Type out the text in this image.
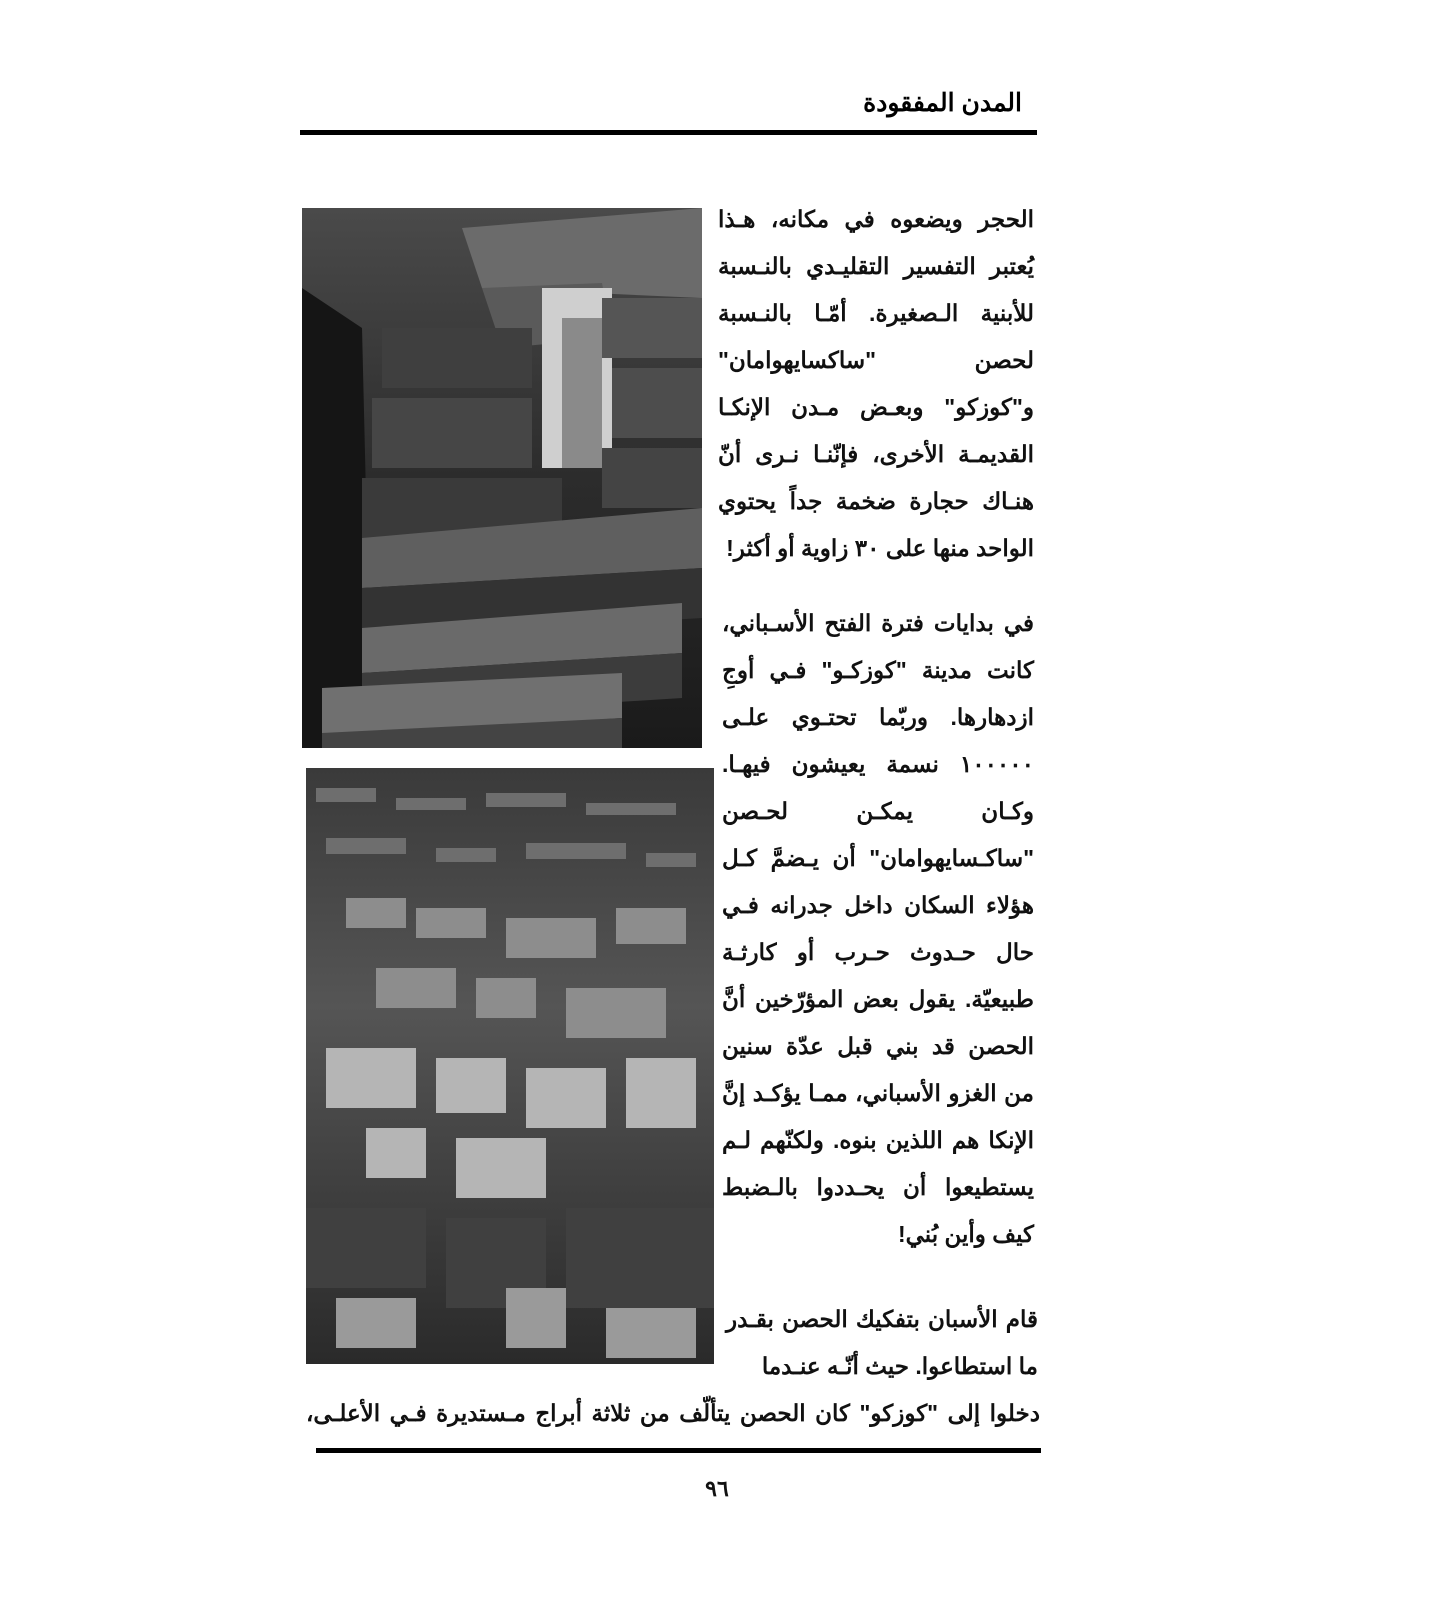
المدن المفقودة

الحجر ويضعوه في مكانه، هـذا يُعتبر التفسير التقليـدي بالنـسبة للأبنية الـصغيرة. أمّـا بالنـسبة لحصن "ساكسايهوامان" و"كوزكو" وبعـض مـدن الإنكـا القديمـة الأخرى، فإنّنـا نـرى أنّ هنـاك حجارة ضخمة جداً يحتوي الواحد منها على ٣٠ زاوية أو أكثر!

في بدايات فترة الفتح الأسـباني، كانت مدينة "كوزكـو" فـي أوجِ ازدهارها. وربّما تحتـوي علـى ١٠٠٠٠٠ نسمة يعيشون فيهـا. وكـان يمكـن لحـصن "ساكـسايهوامان" أن يـضمَّ كـل هؤلاء السكان داخل جدرانه فـي حال حـدوث حـرب أو كارثـة طبيعيّة. يقول بعض المؤرّخين أنَّ الحصن قد بني قبل عدّة سنين من الغزو الأسباني، ممـا يؤكـد إنَّ الإنكا هم اللذين بنوه. ولكنّهم لـم يستطيعوا أن يحـددوا بالـضبط كيف وأين بُني!

قام الأسبان بتفكيك الحصن بقـدر ما استطاعوا. حيث أنّـه عنـدما

دخلوا إلى "كوزكو" كان الحصن يتألّف من ثلاثة أبراج مـستديرة فـي الأعلـى،
٩٦
